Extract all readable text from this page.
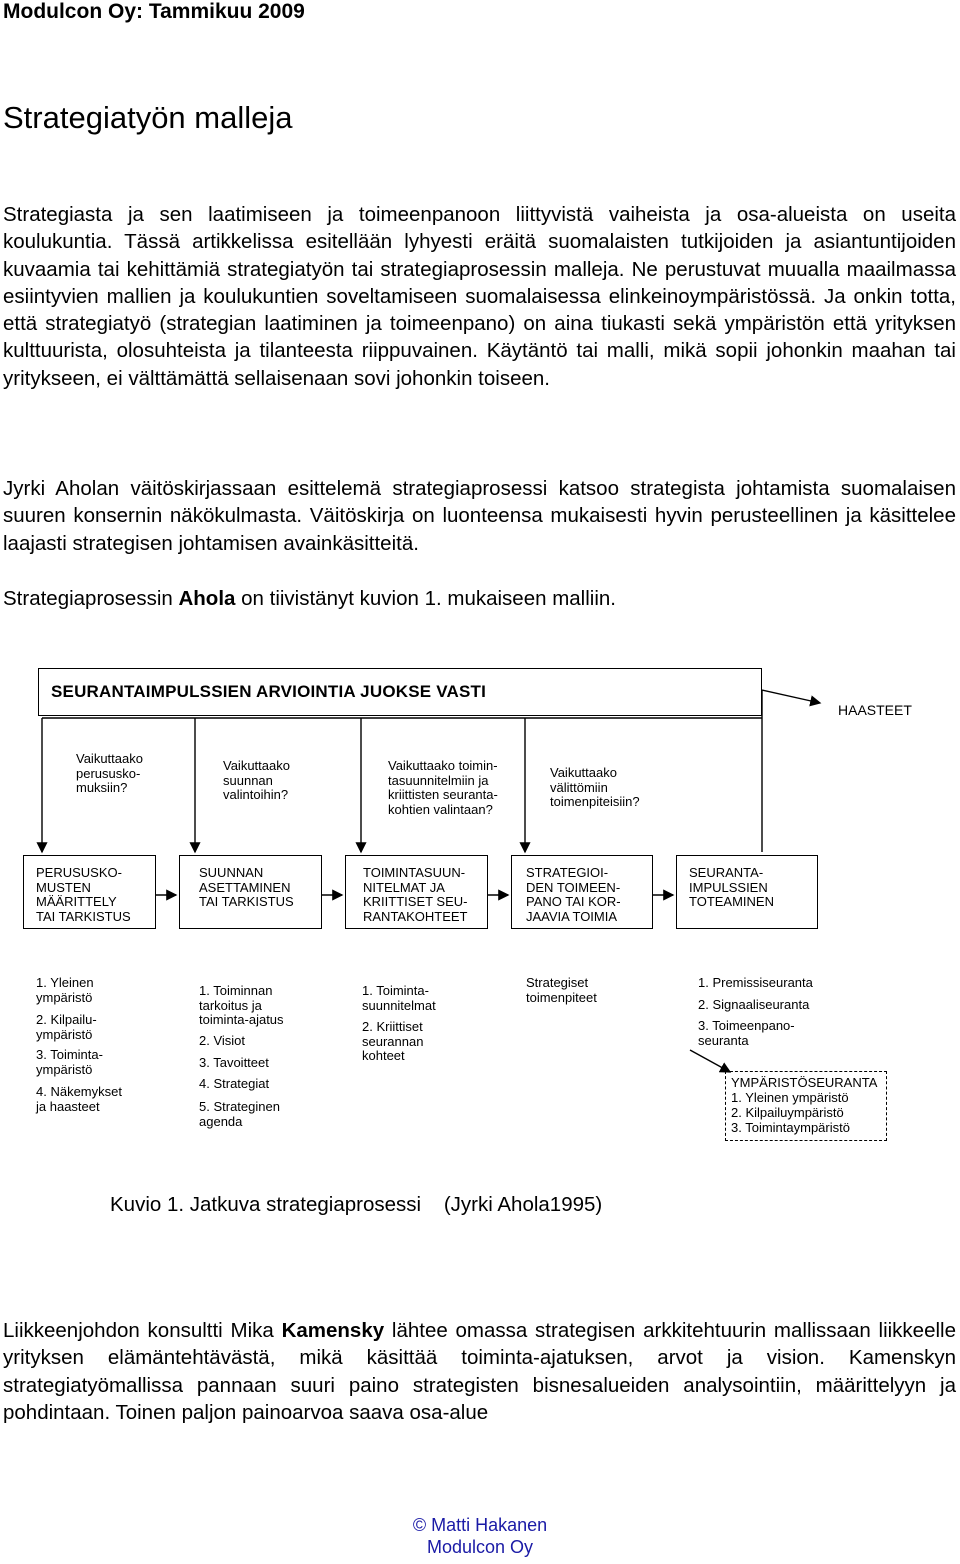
Modulcon Oy: Tammikuu 2009
Strategiatyön malleja

Strategiasta ja sen laatimiseen ja toimeenpanoon liittyvistä vaiheista ja osa-alueista on useita koulukuntia. Tässä artikkelissa esitellään lyhyesti eräitä suomalaisten tutkijoiden ja asiantuntijoiden kuvaamia tai kehittämiä strategiatyön tai strategiaprosessin malleja. Ne perustuvat muualla maailmassa esiintyvien mallien ja koulukuntien soveltamiseen suomalaisessa elinkeinoympäristössä. Ja onkin totta, että strategiatyö (strategian laatiminen ja toimeenpano) on aina tiukasti sekä ympäristön että yrityksen kulttuurista, olosuhteista ja tilanteesta riippuvainen. Käytäntö tai malli, mikä sopii johonkin maahan tai yritykseen, ei välttämättä sellaisenaan sovi johonkin toiseen.

Jyrki Aholan väitöskirjassaan esittelemä strategiaprosessi katsoo strategista johtamista suomalaisen suuren konsernin näkökulmasta. Väitöskirja on luonteensa mukaisesti hyvin perusteellinen ja käsittelee laajasti strategisen johtamisen avainkäsitteitä.

Strategiaprosessin Ahola on tiivistänyt kuvion 1. mukaiseen malliin.

SEURANTAIMPULSSIEN ARVIOINTIA JUOKSE VASTI
HAASTEET
Vaikuttaako
perususko-
muksiin?
Vaikuttaako
suunnan
valintoihin?
Vaikuttaako toimin-
tasuunnitelmiin ja
kriittisten seuranta-
kohtien valintaan?
Vaikuttaako
välittömiin
toimenpiteisiin?
PERUSUSKO-
MUSTEN
MÄÄRITTELY
TAI TARKISTUS
SUUNNAN
ASETTAMINEN
TAI TARKISTUS
TOIMINTASUUN-
NITELMAT JA
KRIITTISET SEU-
RANTAKOHTEET
STRATEGIOI-
DEN TOIMEEN-
PANO TAI KOR-
JAAVIA TOIMIA
SEURANTA-
IMPULSSIEN
TOTEAMINEN
1. Yleinen
ympäristö
2. Kilpailu-
ympäristö
3. Toiminta-
ympäristö
4. Näkemykset
ja haasteet
1. Toiminnan
tarkoitus ja
toiminta-ajatus
2. Visiot
3. Tavoitteet
4. Strategiat
5. Strateginen
agenda
1. Toiminta-
suunnitelmat
2. Kriittiset
seurannan
kohteet
Strategiset
toimenpiteet
1. Premissiseuranta
2. Signaaliseuranta
3. Toimeenpano-
seuranta
YMPÄRISTÖSEURANTA
1. Yleinen ympäristö
2. Kilpailuympäristö
3. Toimintaympäristö
Kuvio 1. Jatkuva strategiaprosessi    (Jyrki Ahola1995)

Liikkeenjohdon konsultti Mika Kamensky lähtee omassa strategisen arkkitehtuurin mallissaan liikkeelle yrityksen elämäntehtävästä, mikä käsittää toiminta-ajatuksen, arvot ja vision. Kamenskyn strategiatyömallissa pannaan suuri paino strategisten bisnesalueiden analysointiin, määrittelyyn ja pohdintaan. Toinen paljon painoarvoa saava osa-alue

© Matti Hakanen
Modulcon Oy
